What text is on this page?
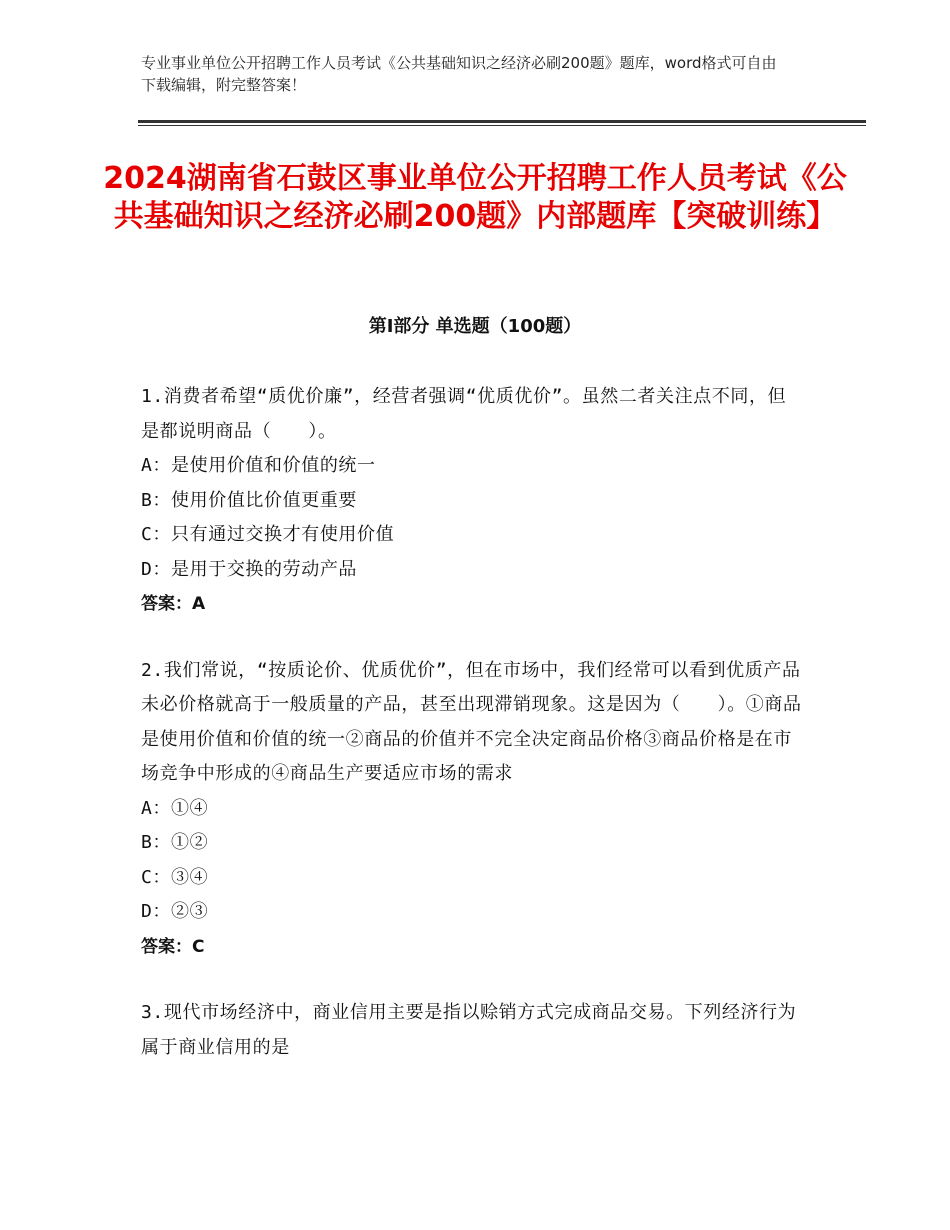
专业事业单位公开招聘工作人员考试《公共基础知识之经济必刷200题》题库，word格式可自由下载编辑，附完整答案！
2024湖南省石鼓区事业单位公开招聘工作人员考试《公共基础知识之经济必刷200题》内部题库【突破训练】
第Ⅰ部分 单选题（100题）

1.消费者希望“质优价廉”，经营者强调“优质优价”。虽然二者关注点不同，但是都说明商品（　　）。

A：是使用价值和价值的统一

B：使用价值比价值更重要

C：只有通过交换才有使用价值

D：是用于交换的劳动产品

答案：A

2.我们常说，“按质论价、优质优价”，但在市场中，我们经常可以看到优质产品未必价格就高于一般质量的产品，甚至出现滞销现象。这是因为（　　）。①商品是使用价值和价值的统一②商品的价值并不完全决定商品价格③商品价格是在市场竞争中形成的④商品生产要适应市场的需求

A：①④

B：①②

C：③④

D：②③

答案：C

3.现代市场经济中，商业信用主要是指以赊销方式完成商品交易。下列经济行为属于商业信用的是
